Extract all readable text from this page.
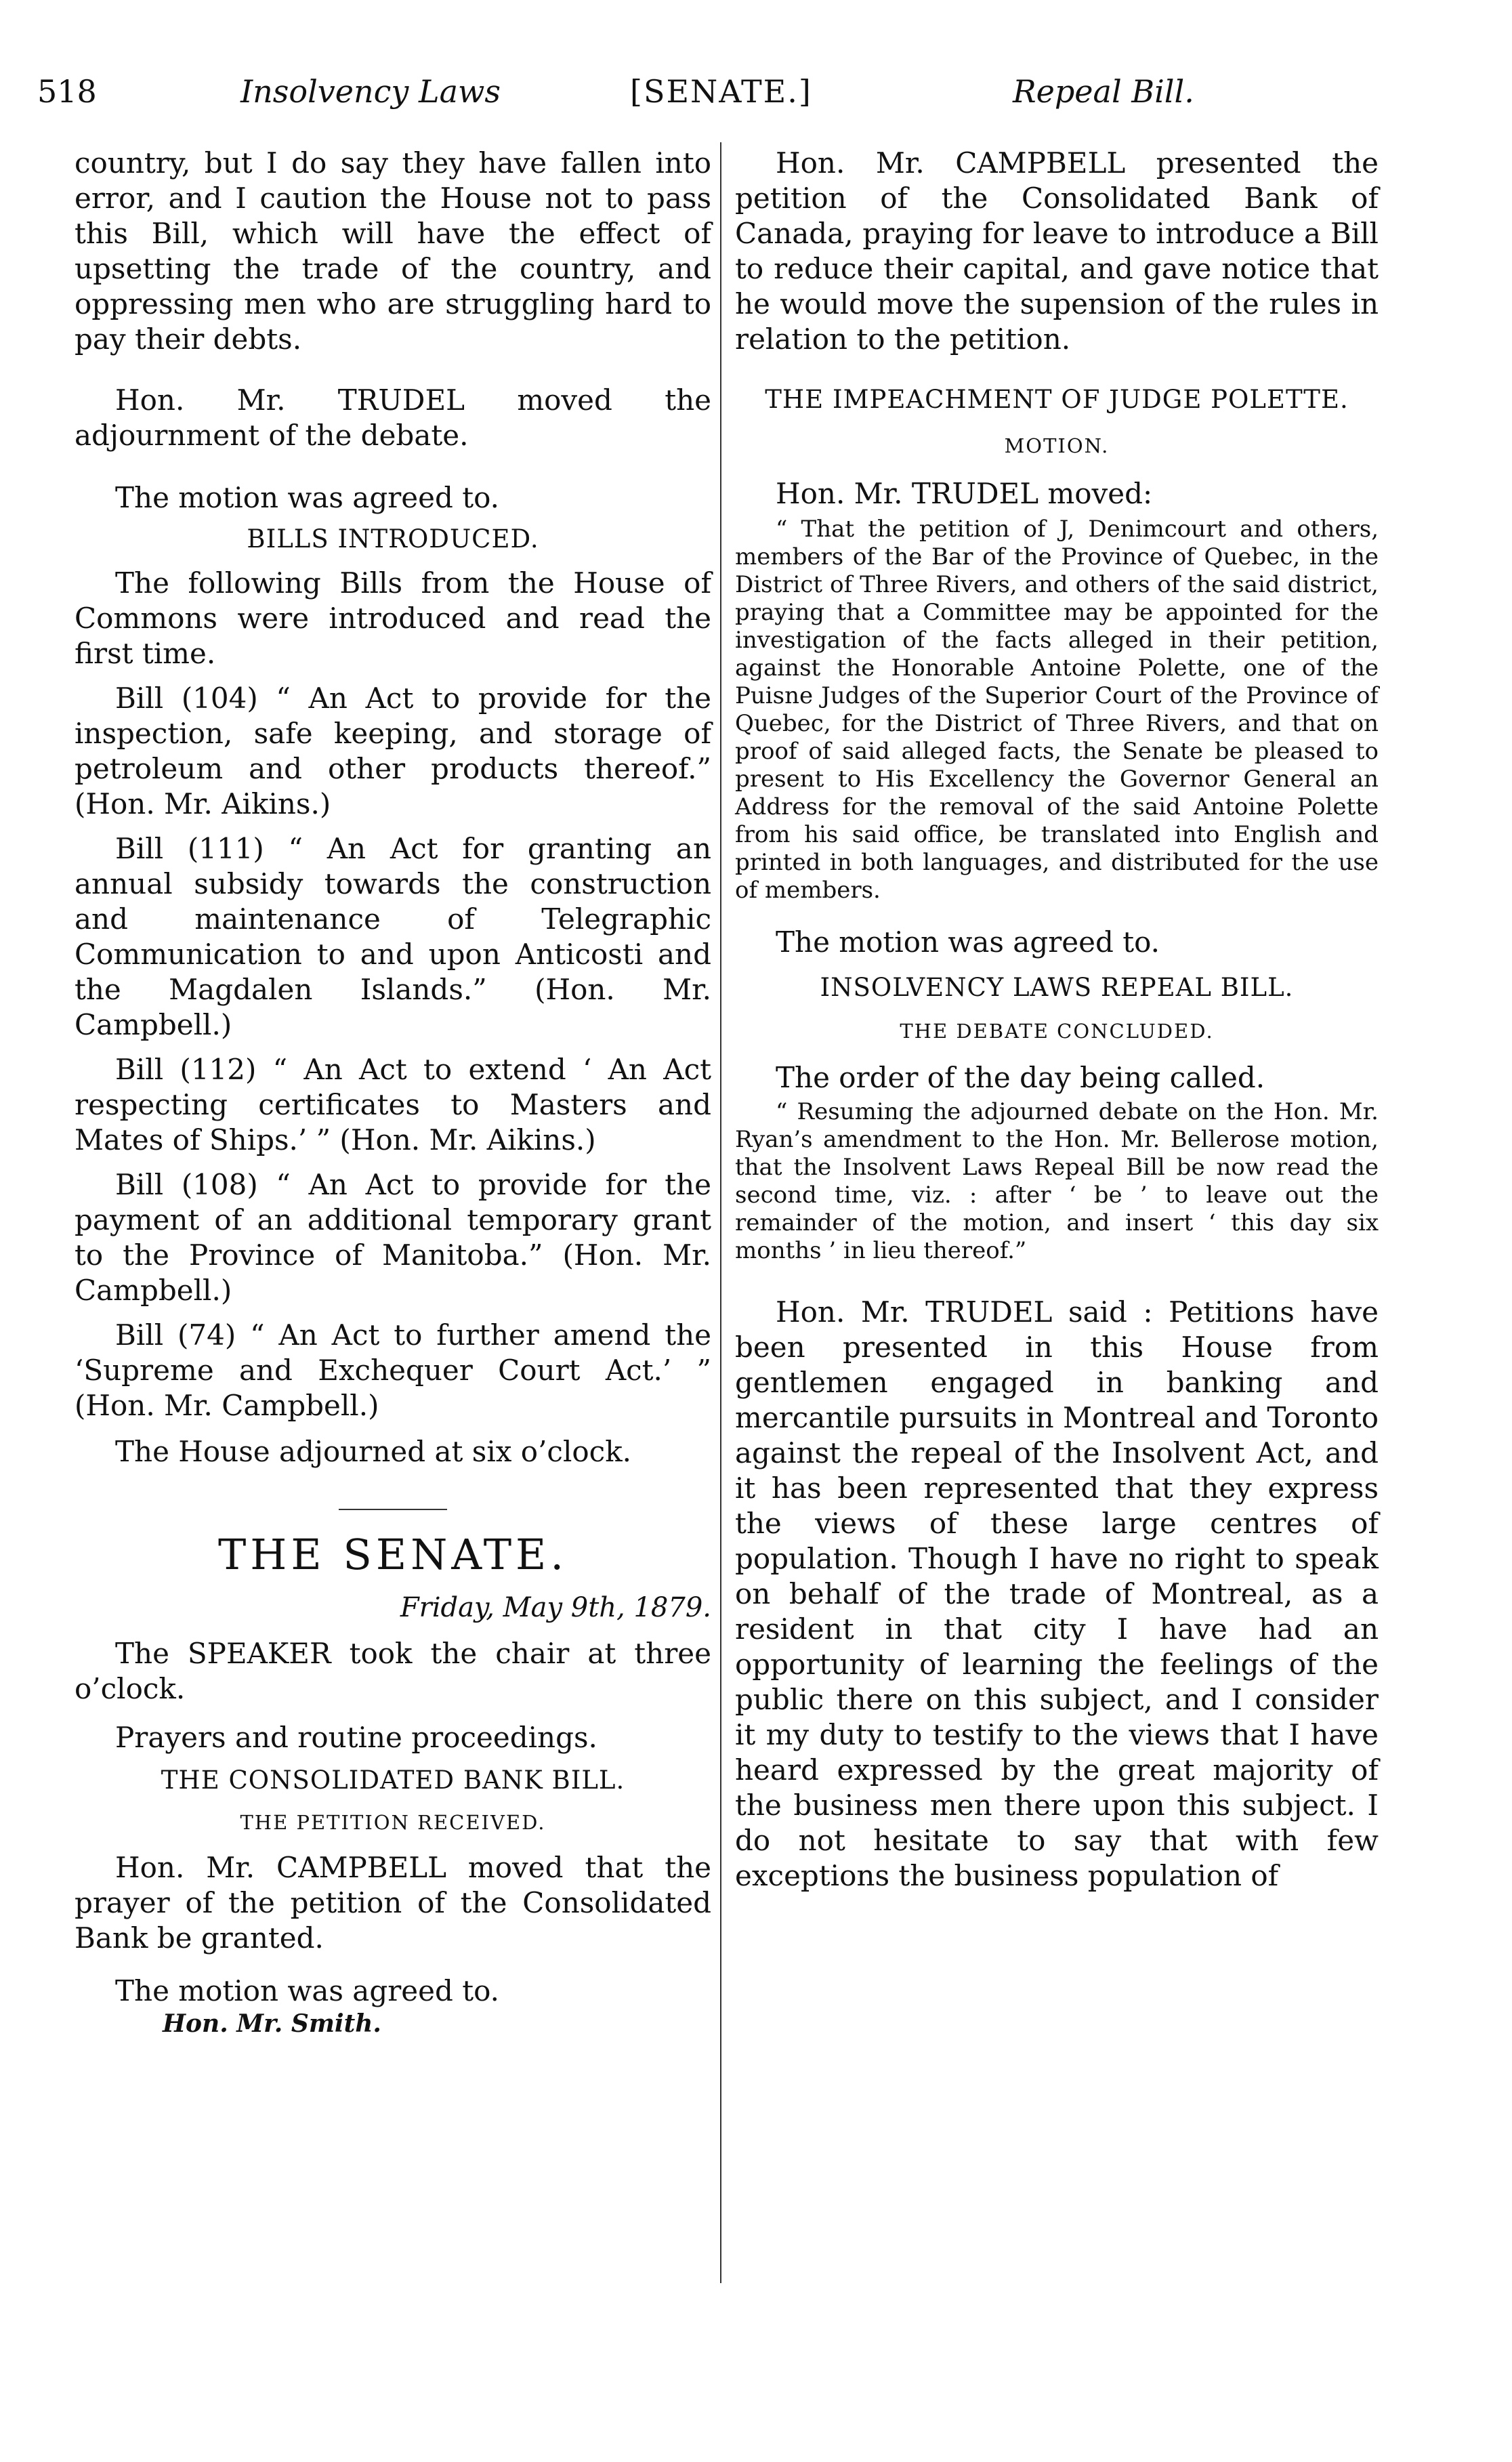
518	Insolvency Laws	[SENATE.]	Repeal Bill.

country, but I do say they have fallen into error, and I caution the House not to pass this Bill, which will have the effect of upsetting the trade of the country, and oppressing men who are struggling hard to pay their debts.

Hon. Mr. TRUDEL moved the adjournment of the debate.

The motion was agreed to.

BILLS INTRODUCED.

The following Bills from the House of Commons were introduced and read the first time.

Bill (104) “ An Act to provide for the inspection, safe keeping, and storage of petroleum and other products thereof.” (Hon. Mr. Aikins.)

Bill (111) “ An Act for granting an annual subsidy towards the construction and maintenance of Telegraphic Communication to and upon Anticosti and the Magdalen Islands.” (Hon. Mr. Campbell.)

Bill (112) “ An Act to extend ‘ An Act respecting certificates to Masters and Mates of Ships.’ ” (Hon. Mr. Aikins.)

Bill (108) “ An Act to provide for the payment of an additional temporary grant to the Province of Manitoba.” (Hon. Mr. Campbell.)

Bill (74) “ An Act to further amend the ‘Supreme and Exchequer Court Act.’ ” (Hon. Mr. Campbell.)

The House adjourned at six o’clock.

THE SENATE.

Friday, May 9th, 1879.

The SPEAKER took the chair at three o’clock.

Prayers and routine proceedings.

THE CONSOLIDATED BANK BILL.

THE PETITION RECEIVED.

Hon. Mr. CAMPBELL moved that the prayer of the petition of the Consolidated Bank be granted.

The motion was agreed to.

Hon. Mr. Smith.

Hon. Mr. CAMPBELL presented the petition of the Consolidated Bank of Canada, praying for leave to introduce a Bill to reduce their capital, and gave notice that he would move the supension of the rules in relation to the petition.

THE IMPEACHMENT OF JUDGE POLETTE.

MOTION.

Hon. Mr. TRUDEL moved:

“ That the petition of J, Denimcourt and others, members of the Bar of the Province of Quebec, in the District of Three Rivers, and others of the said district, praying that a Committee may be appointed for the investigation of the facts alleged in their petition, against the Honorable Antoine Polette, one of the Puisne Judges of the Superior Court of the Province of Quebec, for the District of Three Rivers, and that on proof of said alleged facts, the Senate be pleased to present to His Excellency the Governor General an Address for the removal of the said Antoine Polette from his said office, be translated into English and printed in both languages, and distributed for the use of members.

The motion was agreed to.

INSOLVENCY LAWS REPEAL BILL.

THE DEBATE CONCLUDED.

The order of the day being called.

“ Resuming the adjourned debate on the Hon. Mr. Ryan’s amendment to the Hon. Mr. Bellerose motion, that the Insolvent Laws Repeal Bill be now read the second time, viz. : after ‘ be ’ to leave out the remainder of the motion, and insert ‘ this day six months ’ in lieu thereof.”

Hon. Mr. TRUDEL said : Petitions have been presented in this House from gentlemen engaged in banking and mercantile pursuits in Montreal and Toronto against the repeal of the Insolvent Act, and it has been represented that they express the views of these large centres of population. Though I have no right to speak on behalf of the trade of Montreal, as a resident in that city I have had an opportunity of learning the feelings of the public there on this subject, and I consider it my duty to testify to the views that I have heard expressed by the great majority of the business men there upon this subject. I do not hesitate to say that with few exceptions the business population of
